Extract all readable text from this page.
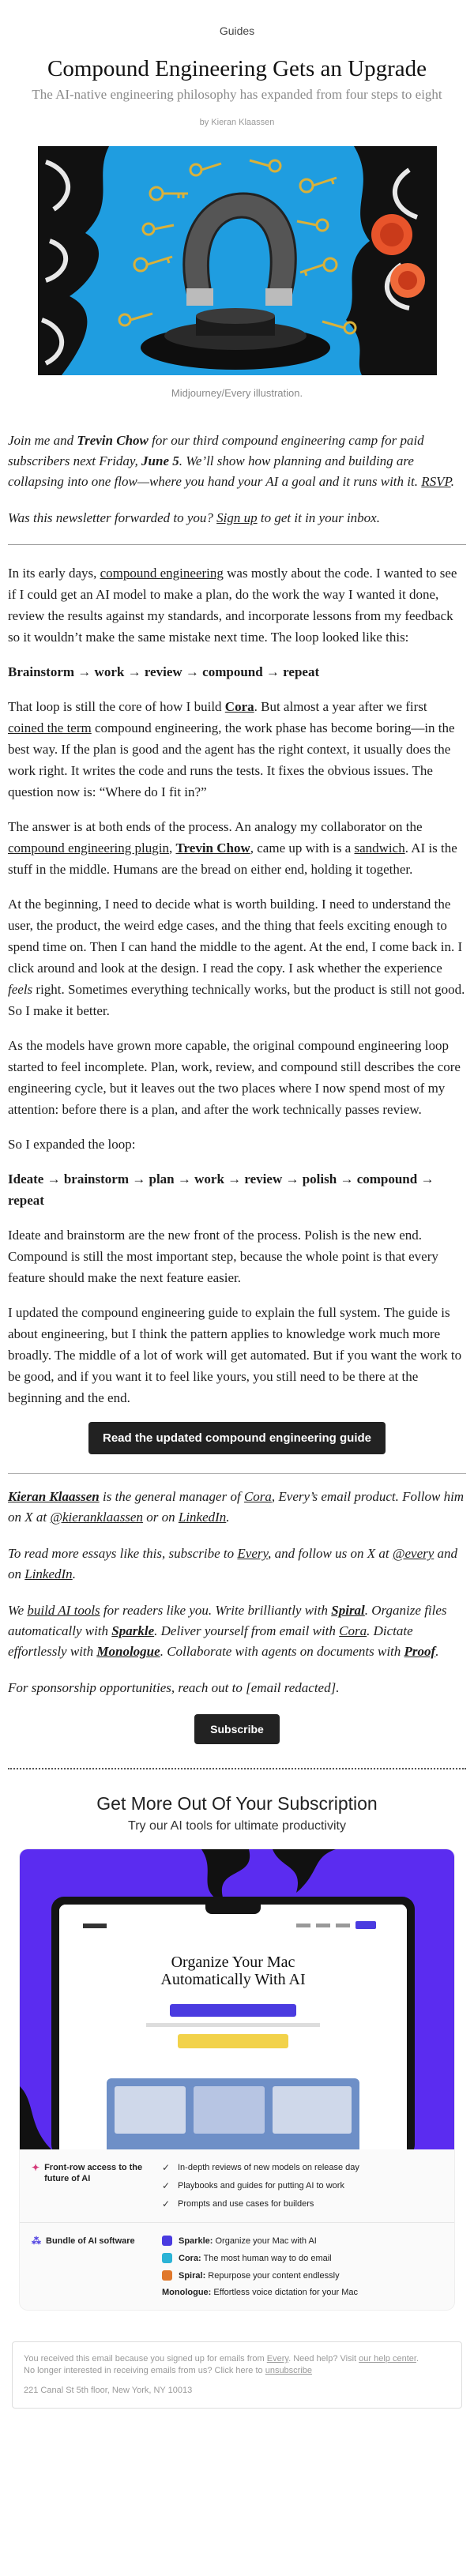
Guides
Compound Engineering Gets an Upgrade
The AI-native engineering philosophy has expanded from four steps to eight
by Kieran Klaassen
Midjourney/Every illustration.

Join me and Trevin Chow for our third compound engineering camp for paid subscribers next Friday, June 5. We’ll show how planning and building are collapsing into one flow—where you hand your AI a goal and it runs with it. RSVP.

Was this newsletter forwarded to you? Sign up to get it in your inbox.

In its early days, compound engineering was mostly about the code. I wanted to see if I could get an AI model to make a plan, do the work the way I wanted it done, review the results against my standards, and incorporate lessons from my feedback so it wouldn’t make the same mistake next time. The loop looked like this:

Brainstorm → work → review → compound → repeat

That loop is still the core of how I build Cora. But almost a year after we first coined the term compound engineering, the work phase has become boring—in the best way. If the plan is good and the agent has the right context, it usually does the work right. It writes the code and runs the tests. It fixes the obvious issues. The question now is: “Where do I fit in?”

The answer is at both ends of the process. An analogy my collaborator on the compound engineering plugin, Trevin Chow, came up with is a sandwich. AI is the stuff in the middle. Humans are the bread on either end, holding it together.

At the beginning, I need to decide what is worth building. I need to understand the user, the product, the weird edge cases, and the thing that feels exciting enough to spend time on. Then I can hand the middle to the agent. At the end, I come back in. I click around and look at the design. I read the copy. I ask whether the experience feels right. Sometimes everything technically works, but the product is still not good. So I make it better.

As the models have grown more capable, the original compound engineering loop started to feel incomplete. Plan, work, review, and compound still describes the core engineering cycle, but it leaves out the two places where I now spend most of my attention: before there is a plan, and after the work technically passes review.

So I expanded the loop:

Ideate → brainstorm → plan → work → review → polish → compound → repeat

Ideate and brainstorm are the new front of the process. Polish is the new end. Compound is still the most important step, because the whole point is that every feature should make the next feature easier.

I updated the compound engineering guide to explain the full system. The guide is about engineering, but I think the pattern applies to knowledge work much more broadly. The middle of a lot of work will get automated. But if you want the work to be good, and if you want it to feel like yours, you still need to be there at the beginning and the end.

Read the updated compound engineering guide

Kieran Klaassen is the general manager of Cora, Every’s email product. Follow him on X at @kieranklaassen or on LinkedIn.

To read more essays like this, subscribe to Every, and follow us on X at @every and on LinkedIn.

We build AI tools for readers like you. Write brilliantly with Spiral. Organize files automatically with Sparkle. Deliver yourself from email with Cora. Dictate effortlessly with Monologue. Collaborate with agents on documents with Proof.

For sponsorship opportunities, reach out to [email redacted].

Subscribe
Get More Out Of Your Subscription
Try our AI tools for ultimate productivity
Organize Your Mac
Automatically With AI
✦ Front-row access to the future of AI
✓ In-depth reviews of new models on release day
✓ Playbooks and guides for putting AI to work
✓ Prompts and use cases for builders
⁂ Bundle of AI software	Sparkle: Organize your Mac with AI
Cora: The most human way to do email
Spiral: Repurpose your content endlessly
Monologue: Effortless voice dictation for your Mac
You received this email because you signed up for emails from Every. Need help? Visit our help center.
No longer interested in receiving emails from us? Click here to unsubscribe
221 Canal St 5th floor, New York, NY 10013
